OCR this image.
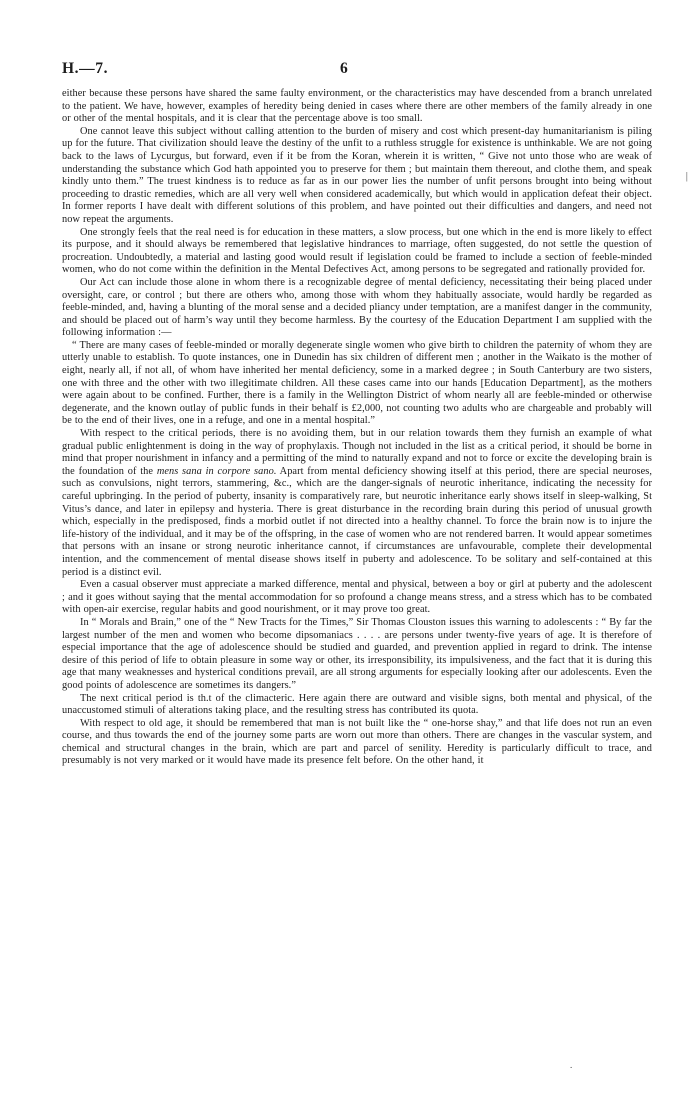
H.—7.	6

either because these persons have shared the same faulty environment, or the characteristics may have descended from a branch unrelated to the patient. We have, however, examples of heredity being denied in cases where there are other members of the family already in one or other of the mental hospitals, and it is clear that the percentage above is too small.

One cannot leave this subject without calling attention to the burden of misery and cost which present-day humanitarianism is piling up for the future. That civilization should leave the destiny of the unfit to a ruthless struggle for existence is unthinkable. We are not going back to the laws of Lycurgus, but forward, even if it be from the Koran, wherein it is written, “ Give not unto those who are weak of understanding the substance which God hath appointed you to preserve for them ; but maintain them thereout, and clothe them, and speak kindly unto them.” The truest kindness is to reduce as far as in our power lies the number of unfit persons brought into being without proceeding to drastic remedies, which are all very well when considered academically, but which would in application defeat their object. In former reports I have dealt with different solutions of this problem, and have pointed out their difficulties and dangers, and need not now repeat the arguments.

One strongly feels that the real need is for education in these matters, a slow process, but one which in the end is more likely to effect its purpose, and it should always be remembered that legislative hindrances to marriage, often suggested, do not settle the question of procreation. Undoubtedly, a material and lasting good would result if legislation could be framed to include a section of feeble-minded women, who do not come within the definition in the Mental Defectives Act, among persons to be segregated and rationally provided for.

Our Act can include those alone in whom there is a recognizable degree of mental deficiency, necessitating their being placed under oversight, care, or control ; but there are others who, among those with whom they habitually associate, would hardly be regarded as feeble-minded, and, having a blunting of the moral sense and a decided pliancy under temptation, are a manifest danger in the community, and should be placed out of harm’s way until they become harmless. By the courtesy of the Education Department I am supplied with the following information :—

“ There are many cases of feeble-minded or morally degenerate single women who give birth to children the paternity of whom they are utterly unable to establish. To quote instances, one in Dunedin has six children of different men ; another in the Waikato is the mother of eight, nearly all, if not all, of whom have inherited her mental deficiency, some in a marked degree ; in South Canterbury are two sisters, one with three and the other with two illegitimate children. All these cases came into our hands [Education Department], as the mothers were again about to be confined. Further, there is a family in the Wellington District of whom nearly all are feeble-minded or otherwise degenerate, and the known outlay of public funds in their behalf is £2,000, not counting two adults who are chargeable and probably will be to the end of their lives, one in a refuge, and one in a mental hospital.”

With respect to the critical periods, there is no avoiding them, but in our relation towards them they furnish an example of what gradual public enlightenment is doing in the way of prophylaxis. Though not included in the list as a critical period, it should be borne in mind that proper nourishment in infancy and a permitting of the mind to naturally expand and not to force or excite the developing brain is the foundation of the mens sana in corpore sano. Apart from mental deficiency showing itself at this period, there are special neuroses, such as convulsions, night terrors, stammering, &c., which are the danger-signals of neurotic inheritance, indicating the necessity for careful upbringing. In the period of puberty, insanity is comparatively rare, but neurotic inheritance early shows itself in sleep-walking, St Vitus’s dance, and later in epilepsy and hysteria. There is great disturbance in the recording brain during this period of unusual growth which, especially in the predisposed, finds a morbid outlet if not directed into a healthy channel. To force the brain now is to injure the life-history of the individual, and it may be of the offspring, in the case of women who are not rendered barren. It would appear sometimes that persons with an insane or strong neurotic inheritance cannot, if circumstances are unfavourable, complete their developmental intention, and the commencement of mental disease shows itself in puberty and adolescence. To be solitary and self-contained at this period is a distinct evil.

Even a casual observer must appreciate a marked difference, mental and physical, between a boy or girl at puberty and the adolescent ; and it goes without saying that the mental accommodation for so profound a change means stress, and a stress which has to be combated with open-air exercise, regular habits and good nourishment, or it may prove too great.

In “ Morals and Brain,” one of the “ New Tracts for the Times,” Sir Thomas Clouston issues this warning to adolescents : “ By far the largest number of the men and women who become dipsomaniacs . . . . are persons under twenty-five years of age. It is therefore of especial importance that the age of adolescence should be studied and guarded, and prevention applied in regard to drink. The intense desire of this period of life to obtain pleasure in some way or other, its irresponsibility, its impulsiveness, and the fact that it is during this age that many weaknesses and hysterical conditions prevail, are all strong arguments for especially looking after our adolescents. Even the good points of adolescence are sometimes its dangers.”

The next critical period is th.t of the climacteric. Here again there are outward and visible signs, both mental and physical, of the unaccustomed stimuli of alterations taking place, and the resulting stress has contributed its quota.

With respect to old age, it should be remembered that man is not built like the “ one-horse shay,” and that life does not run an even course, and thus towards the end of the journey some parts are worn out more than others. There are changes in the vascular system, and chemical and structural changes in the brain, which are part and parcel of senility. Heredity is particularly difficult to trace, and presumably is not very marked or it would have made its presence felt before. On the other hand, it

|
.
